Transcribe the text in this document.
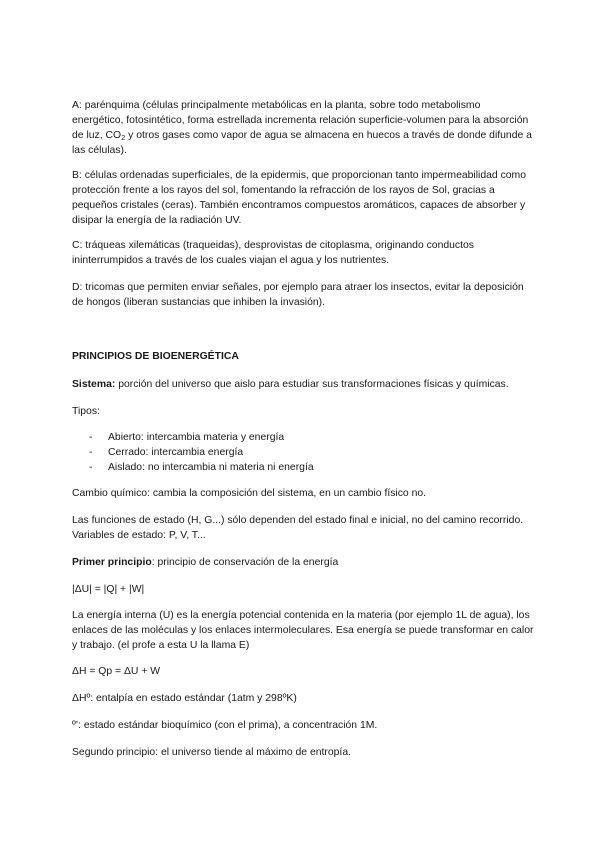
A: parénquima (células principalmente metabólicas en la planta, sobre todo metabolismo energético, fotosintético, forma estrellada incrementa relación superficie-volumen para la absorción de luz, $CO_2$ y otros gases como vapor de agua se almacena en huecos a través de donde difunde a las células).

B: células ordenadas superficiales, de la epidermis, que proporcionan tanto impermeabilidad como protección frente a los rayos del sol, fomentando la refracción de los rayos de Sol, gracias a pequeños cristales (ceras). También encontramos compuestos aromáticos, capaces de absorber y disipar la energía de la radiación UV.

C: tráqueas xilemáticas (traqueidas), desprovistas de citoplasma, originando conductos ininterrumpidos a través de los cuales viajan el agua y los nutrientes.

D: tricomas que permiten enviar señales, por ejemplo para atraer los insectos, evitar la deposición de hongos (liberan sustancias que inhiben la invasión).

PRINCIPIOS DE BIOENERGÉTICA

Sistema: porción del universo que aislo para estudiar sus transformaciones físicas y químicas.

Tipos:

- Abierto: intercambia materia y energía
- Cerrado: intercambia energía
- Aislado: no intercambia ni materia ni energía

Cambio químico: cambia la composición del sistema, en un cambio físico no.

Las funciones de estado (H, G...) sólo dependen del estado final e inicial, no del camino recorrido. Variables de estado: P, V, T...

Primer principio: principio de conservación de la energía

|ΔU| = |Q| + |W|

La energía interna (U) es la energía potencial contenida en la materia (por ejemplo 1L de agua), los enlaces de las moléculas y los enlaces intermoleculares. Esa energía se puede transformar en calor y trabajo. (el profe a esta U la llama E)

ΔH = Qp = ΔU + W

ΔHº: entalpía en estado estándar (1atm y 298ºK)

º’: estado estándar bioquímico (con el prima), a concentración 1M.

Segundo principio: el universo tiende al máximo de entropía.
